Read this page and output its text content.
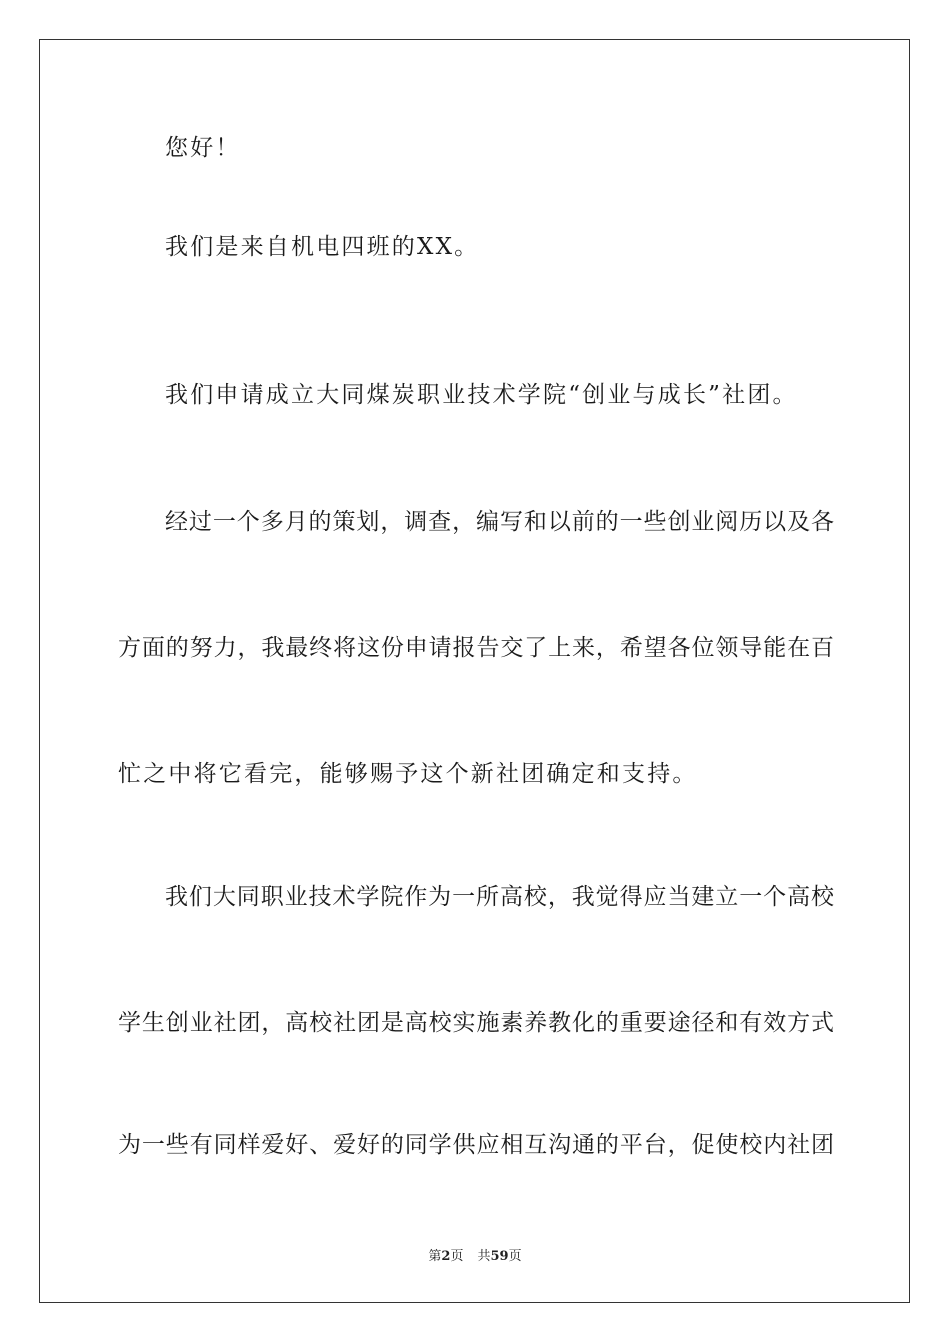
您好！
我们是来自机电四班的XX。
我们申请成立大同煤炭职业技术学院“创业与成长”社团。
经过一个多月的策划，调查，编写和以前的一些创业阅历以及各
方面的努力，我最终将这份申请报告交了上来，希望各位领导能在百
忙之中将它看完，能够赐予这个新社团确定和支持。
我们大同职业技术学院作为一所高校，我觉得应当建立一个高校
学生创业社团，高校社团是高校实施素养教化的重要途径和有效方式
为一些有同样爱好、爱好的同学供应相互沟通的平台，促使校内社团
第2页 共59页
